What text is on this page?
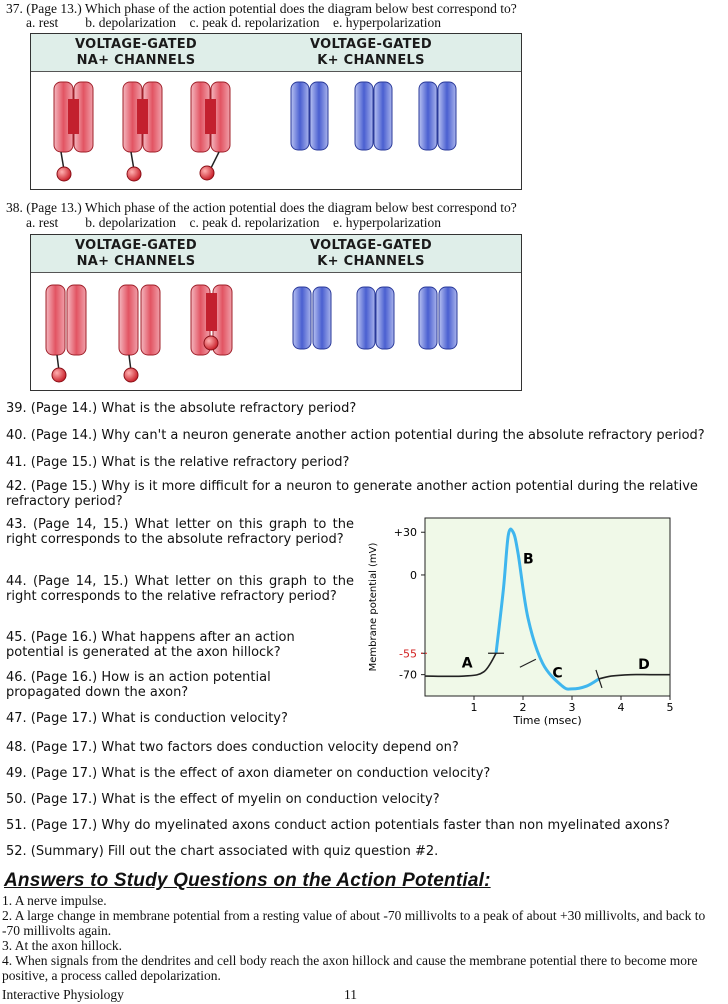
37. (Page 13.) Which phase of the action potential does the diagram below best correspond to?
a. rest b. depolarization c. peak d. repolarization e. hyperpolarization
VOLTAGE-GATED
NA+ CHANNELS
VOLTAGE-GATED
K+ CHANNELS
38. (Page 13.) Which phase of the action potential does the diagram below best correspond to?
a. rest b. depolarization c. peak d. repolarization e. hyperpolarization
VOLTAGE-GATED
NA+ CHANNELS
VOLTAGE-GATED
K+ CHANNELS
39. (Page 14.) What is the absolute refractory period?
40. (Page 14.) Why can't a neuron generate another action potential during the absolute refractory period?
41. (Page 15.) What is the relative refractory period?
42. (Page 15.) Why is it more difficult for a neuron to generate another action potential during the relative refractory period?
43. (Page 14, 15.) What letter on this graph to the right corresponds to the absolute refractory period?
44. (Page 14, 15.) What letter on this graph to the right corresponds to the relative refractory period?
45. (Page 16.) What happens after an action potential is generated at the axon hillock?
46. (Page 16.) How is an action potential propagated down the axon?
47. (Page 17.) What is conduction velocity?
+30
0
-55
-70
1	2	3	4	5
A
B
C
D
Time (msec)
Membrane potential (mV)
48. (Page 17.) What two factors does conduction velocity depend on?
49. (Page 17.) What is the effect of axon diameter on conduction velocity?
50. (Page 17.) What is the effect of myelin on conduction velocity?
51. (Page 17.) Why do myelinated axons conduct action potentials faster than non myelinated axons?
52. (Summary) Fill out the chart associated with quiz question #2.
Answers to Study Questions on the Action Potential:
1. A nerve impulse.
2. A large change in membrane potential from a resting value of about -70 millivolts to a peak of about +30 millivolts, and back to -70 millivolts again.
3. At the axon hillock.
4. When signals from the dendrites and cell body reach the axon hillock and cause the membrane potential there to become more positive, a process called depolarization.
Interactive Physiology	11
